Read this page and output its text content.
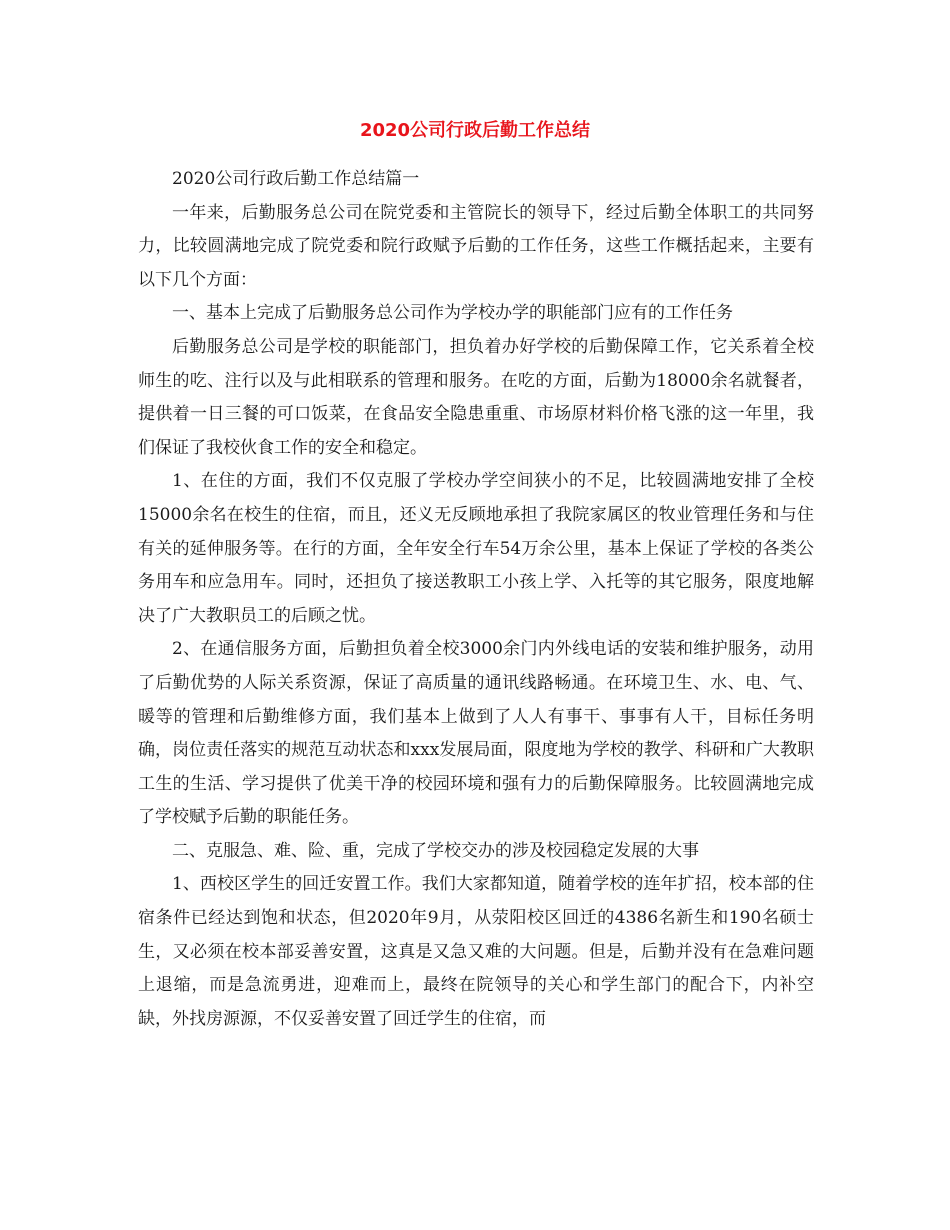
2020公司行政后勤工作总结

2020公司行政后勤工作总结篇一

一年来，后勤服务总公司在院党委和主管院长的领导下，经过后勤全体职工的共同努力，比较圆满地完成了院党委和院行政赋予后勤的工作任务，这些工作概括起来，主要有以下几个方面：

一、基本上完成了后勤服务总公司作为学校办学的职能部门应有的工作任务

后勤服务总公司是学校的职能部门，担负着办好学校的后勤保障工作，它关系着全校师生的吃、注行以及与此相联系的管理和服务。在吃的方面，后勤为18000余名就餐者，提供着一日三餐的可口饭菜，在食品安全隐患重重、市场原材料价格飞涨的这一年里，我们保证了我校伙食工作的安全和稳定。

1、在住的方面，我们不仅克服了学校办学空间狭小的不足，比较圆满地安排了全校15000余名在校生的住宿，而且，还义无反顾地承担了我院家属区的牧业管理任务和与住有关的延伸服务等。在行的方面，全年安全行车54万余公里，基本上保证了学校的各类公务用车和应急用车。同时，还担负了接送教职工小孩上学、入托等的其它服务，限度地解决了广大教职员工的后顾之忧。

2、在通信服务方面，后勤担负着全校3000余门内外线电话的安装和维护服务，动用了后勤优势的人际关系资源，保证了高质量的通讯线路畅通。在环境卫生、水、电、气、暖等的管理和后勤维修方面，我们基本上做到了人人有事干、事事有人干，目标任务明确，岗位责任落实的规范互动状态和xxx发展局面，限度地为学校的教学、科研和广大教职工生的生活、学习提供了优美干净的校园环境和强有力的后勤保障服务。比较圆满地完成了学校赋予后勤的职能任务。

二、克服急、难、险、重，完成了学校交办的涉及校园稳定发展的大事

1、西校区学生的回迁安置工作。我们大家都知道，随着学校的连年扩招，校本部的住宿条件已经达到饱和状态，但2020年9月，从荥阳校区回迁的4386名新生和190名硕士生，又必须在校本部妥善安置，这真是又急又难的大问题。但是，后勤并没有在急难问题上退缩，而是急流勇进，迎难而上，最终在院领导的关心和学生部门的配合下，内补空缺，外找房源源，不仅妥善安置了回迁学生的住宿，而
